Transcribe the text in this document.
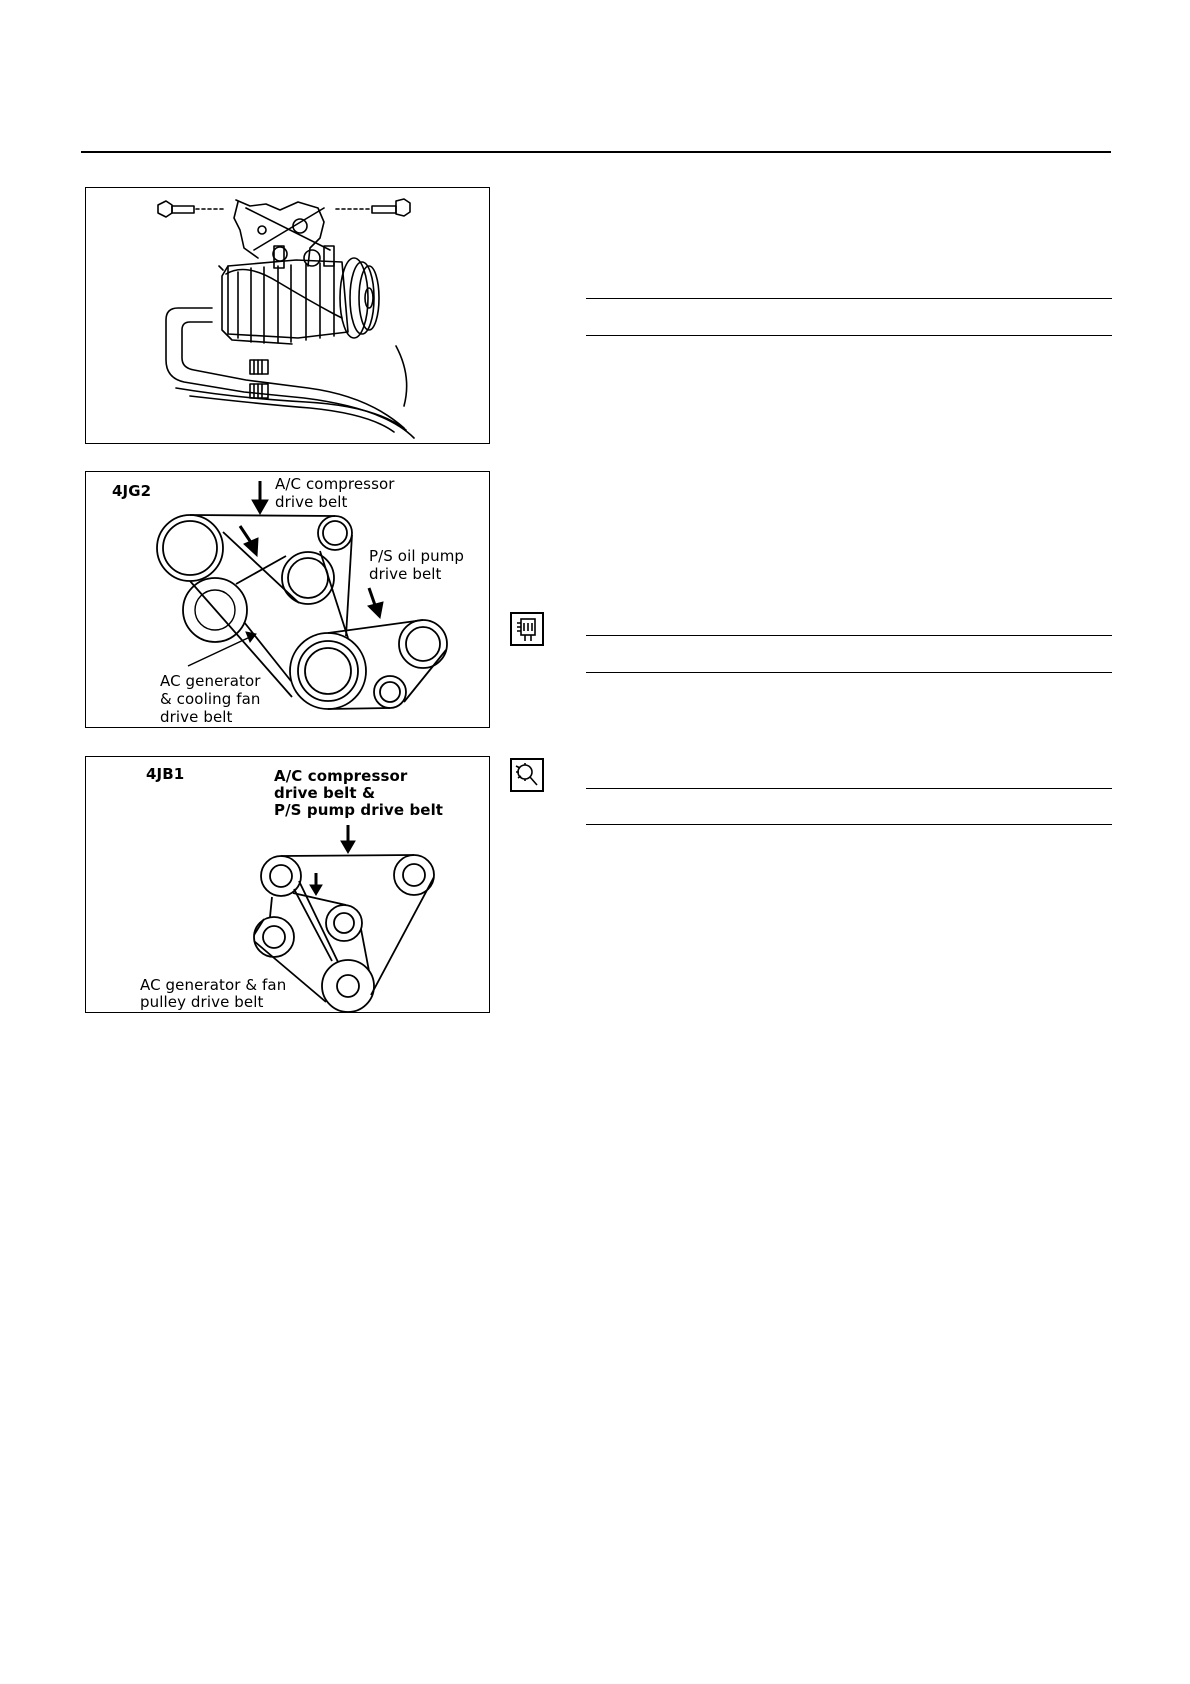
4JG2	A/C compressor
drive belt
P/S oil pump
drive belt
AC generator
& cooling fan
drive belt
4JB1	A/C compressor
drive belt &
P/S pump drive belt
AC generator & fan
pulley drive belt
